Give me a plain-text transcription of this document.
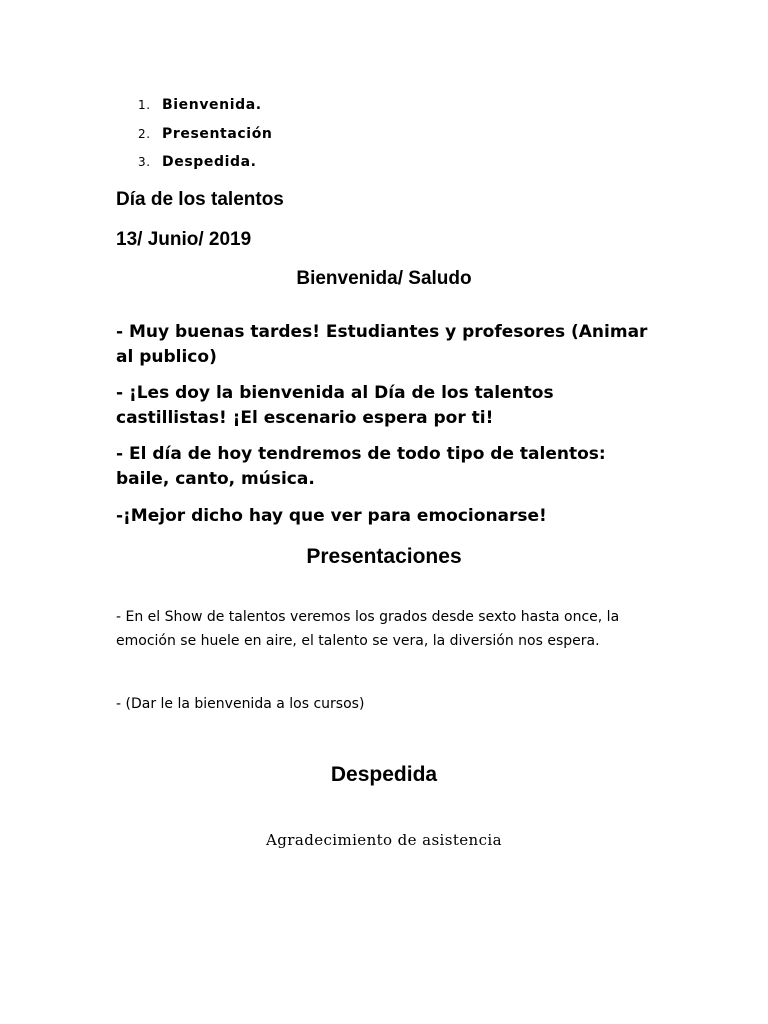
1. Bienvenida.
2. Presentación
3. Despedida.

Día de los talentos

13/ Junio/ 2019

Bienvenida/ Saludo

- Muy buenas tardes! Estudiantes y profesores (Animar al publico)

- ¡Les doy la bienvenida al Día de los talentos castillistas! ¡El escenario espera por ti!

- El día de hoy tendremos de todo tipo de talentos: baile, canto, música.

-¡Mejor dicho hay que ver para emocionarse!

Presentaciones

- En el Show de talentos veremos los grados desde sexto hasta once, la emoción se huele en aire, el talento se vera, la diversión nos espera.

- (Dar le la bienvenida a los cursos)

Despedida

Agradecimiento de asistencia
